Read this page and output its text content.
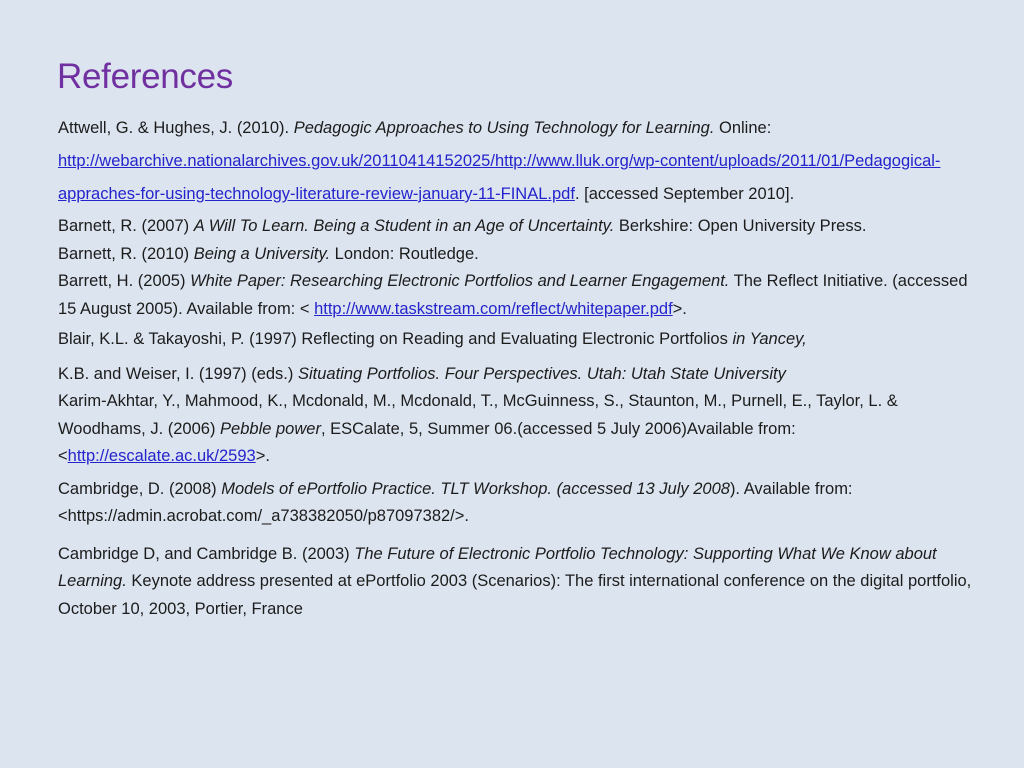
References

Attwell, G. & Hughes, J. (2010). Pedagogic Approaches to Using Technology for Learning. Online: http://webarchive.nationalarchives.gov.uk/20110414152025/http://www.lluk.org/wp-content/uploads/2011/01/Pedagogical-appraches-for-using-technology-literature-review-january-11-FINAL.pdf. [accessed September 2010].

Barnett, R. (2007) A Will To Learn. Being a Student in an Age of Uncertainty. Berkshire: Open University Press.

Barnett, R. (2010) Being a University. London: Routledge.

Barrett, H. (2005) White Paper: Researching Electronic Portfolios and Learner Engagement. The Reflect Initiative. (accessed 15 August 2005). Available from: < http://www.taskstream.com/reflect/whitepaper.pdf>.

Blair, K.L. & Takayoshi, P. (1997) Reflecting on Reading and Evaluating Electronic Portfolios in Yancey,

K.B. and Weiser, I. (1997) (eds.) Situating Portfolios. Four Perspectives. Utah: Utah State University

Karim-Akhtar, Y., Mahmood, K., Mcdonald, M., Mcdonald, T., McGuinness, S., Staunton, M., Purnell, E., Taylor, L. & Woodhams, J. (2006) Pebble power, ESCalate, 5, Summer 06.(accessed 5 July 2006)Available from:<http://escalate.ac.uk/2593>.

Cambridge, D. (2008) Models of ePortfolio Practice. TLT Workshop. (accessed 13 July 2008). Available from: <https://admin.acrobat.com/_a738382050/p87097382/>.

Cambridge D, and Cambridge B. (2003) The Future of Electronic Portfolio Technology: Supporting What We Know about Learning. Keynote address presented at ePortfolio 2003 (Scenarios): The first international conference on the digital portfolio, October 10, 2003, Portier, France
